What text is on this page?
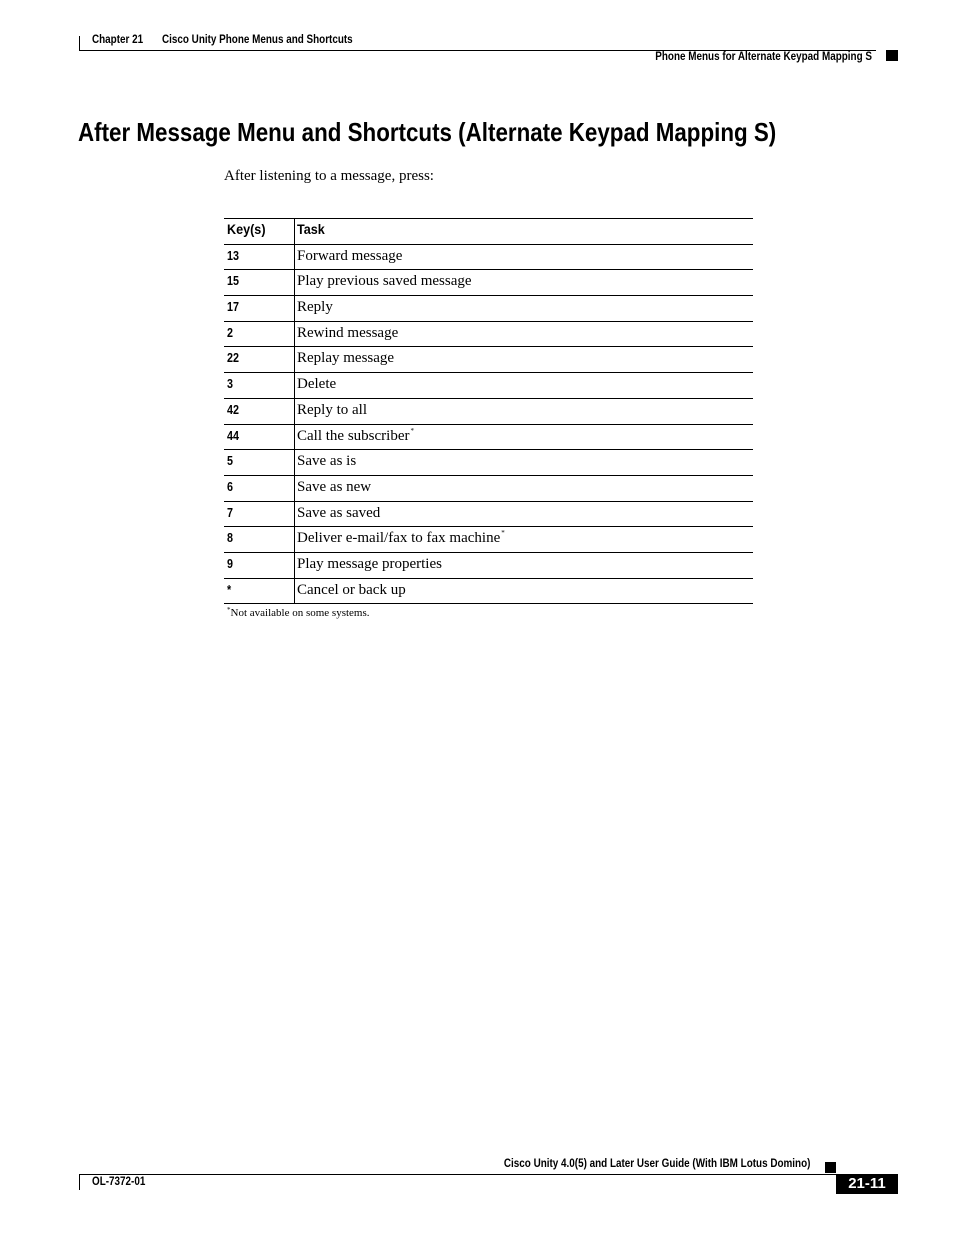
Chapter 21 Cisco Unity Phone Menus and Shortcuts
Phone Menus for Alternate Keypad Mapping S
After Message Menu and Shortcuts (Alternate Keypad Mapping S)
After listening to a message, press:
Key(s) Task
13	Forward message
15	Play previous saved message
17	Reply
2	Rewind message
22	Replay message
3	Delete
42	Reply to all
44	Call the subscriber*
5	Save as is
6	Save as new
7	Save as saved
8	Deliver e-mail/fax to fax machine*
9	Play message properties
*	Cancel or back up
*Not available on some systems.
Cisco Unity 4.0(5) and Later User Guide (With IBM Lotus Domino)
OL-7372-01	21-11
